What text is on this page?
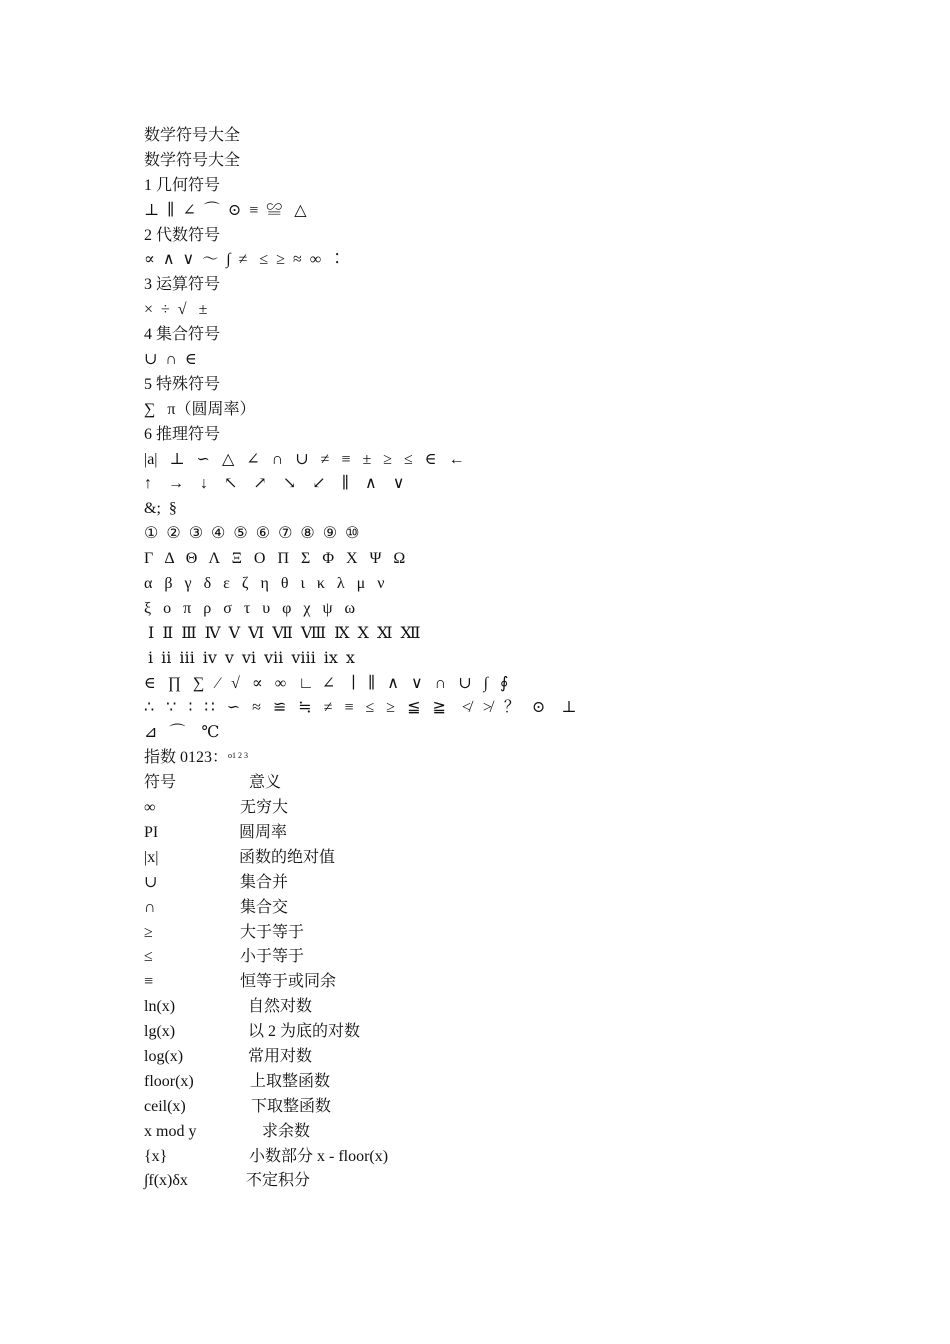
数学符号大全
数学符号大全
1 几何符号
⊥  ∥  ∠  ⌒  ⊙  ≡  ≌   △
2 代数符号
∝  ∧  ∨  ～  ∫  ≠   ≤  ≥  ≈  ∞  ∶
3 运算符号
×  ÷  √   ±
4 集合符号
∪  ∩  ∈
5 特殊符号
∑   π（圆周率）
6 推理符号
|a|   ⊥   ∽   △   ∠   ∩   ∪   ≠   ≡   ±   ≥   ≤   ∈   ←
↑    →    ↓    ↖    ↗    ↘    ↙    ∥    ∧    ∨
&;  §
①  ②  ③  ④  ⑤  ⑥  ⑦  ⑧  ⑨  ⑩
Γ   Δ   Θ   Λ   Ξ   Ο   Π   Σ   Φ   Χ   Ψ   Ω
α   β   γ   δ   ε   ζ   η   θ   ι   κ   λ   μ   ν
ξ   ο   π   ρ   σ   τ   υ   φ   χ   ψ   ω
Ⅰ  Ⅱ  Ⅲ  Ⅳ  Ⅴ  Ⅵ  Ⅶ  Ⅷ  Ⅸ  Ⅹ  Ⅺ  Ⅻ
ⅰ  ⅱ  ⅲ  ⅳ  ⅴ  ⅵ  ⅶ  ⅷ  ⅸ  ⅹ
∈   ∏   ∑   ∕   √   ∝   ∞   ∟  ∠    ∣   ∥   ∧   ∨   ∩   ∪   ∫   ∮
∴   ∵   ∶   ∷   ∽   ≈   ≌   ≒   ≠   ≡   ≤   ≥   ≦   ≧    ≮   ≯   ？   ⊙    ⊥
⊿   ⌒    ℃
指数 0123：$^{o1 2 3}$
符号	意义
∞	无穷大
PI	圆周率
|x|	函数的绝对值
∪	集合并
∩	集合交
≥	大于等于
≤	小于等于
≡	恒等于或同余
ln(x)	自然对数
lg(x)	以 2 为底的对数
log(x)	常用对数
floor(x)	上取整函数
ceil(x)	下取整函数
x mod y	求余数
{x}	小数部分 x - floor(x)
∫f(x)δx	不定积分
